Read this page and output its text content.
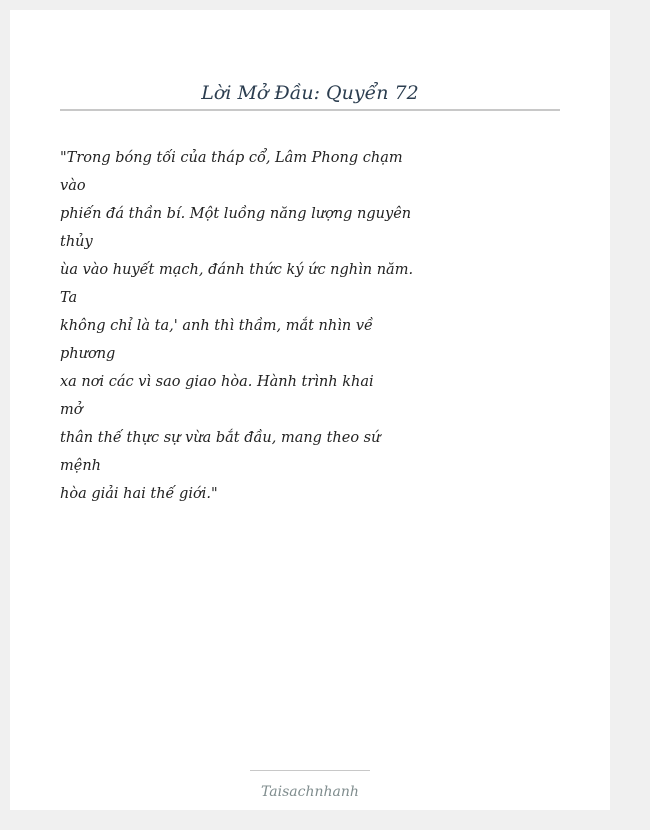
Lời Mở Đầu: Quyển 72
"Trong bóng tối của tháp cổ, Lâm Phong chạm
vào
phiến đá thần bí. Một luồng năng lượng nguyên
thủy
ùa vào huyết mạch, đánh thức ký ức nghìn năm.
Ta
không chỉ là ta,' anh thì thầm, mắt nhìn về
phương
xa nơi các vì sao giao hòa. Hành trình khai
mở
thân thế thực sự vừa bắt đầu, mang theo sứ
mệnh
hòa giải hai thế giới."
Taisachnhanh
